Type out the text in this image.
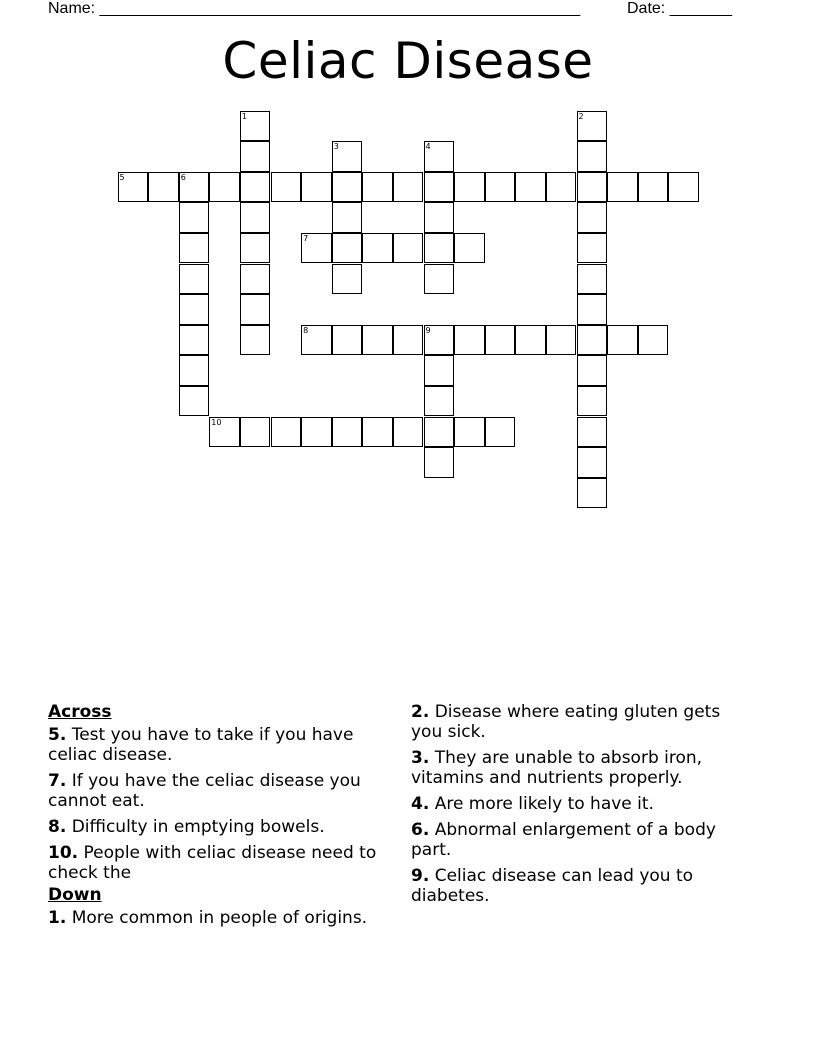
Name: ______________________________________________________	Date: _______
Celiac Disease
1	2
3	4
5	6
7
8	9
10
Across
5. Test you have to take if you have celiac disease.
7. If you have the celiac disease you cannot eat.
8. Difficulty in emptying bowels.
10. People with celiac disease need to check the
Down
1. More common in people of origins.
2. Disease where eating gluten gets you sick.
3. They are unable to absorb iron, vitamins and nutrients properly.
4. Are more likely to have it.
6. Abnormal enlargement of a body part.
9. Celiac disease can lead you to diabetes.
